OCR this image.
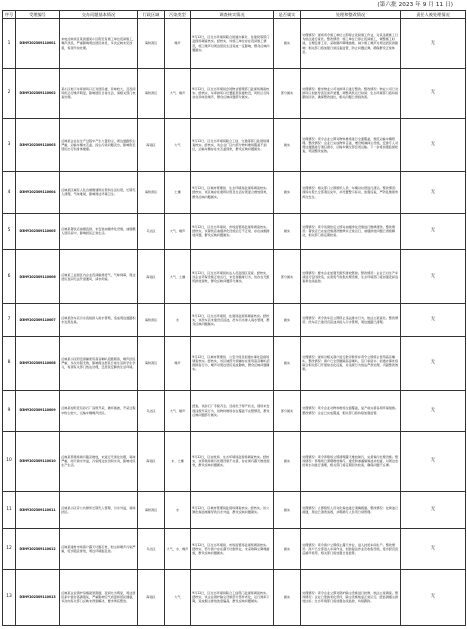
(第六批 2023 年 9 月 11 日)
序号	受理编号	交办问题基本情况	行政区域	污染类型	调查核实情况	是否属实	处理和整改情况	责任人被处理情况
1	D3HY202309110001	来电反映该区某街道某小区附近有施工单位夜间施工，噪声扰民，严重影响周边居民休息，多次反映未见改善，希望尽快处理。	海勃湾区	噪声	9月12日，区生态环境局联合街道办事处、住建局等部门赴现场调查核实。经核实，该施工单位存在夜间施工情况，施工噪声对周边居民生活造成一定影响，群众反映问题属实。	属实	处理情况：现场责令施工单位立即停止夜间施工作业，对其违规施工行为依法进行查处。整改情况：施工单位已停止夜间施工，调整施工时间，合理安排工序，采取隔声降噪措施，减少施工噪声对周边居民的影响；相关部门将加强日常巡查监管，防止问题反弹，确保群众正常休息。	无
2	D3HY202309110002	某小区地下车库排风口正对居民楼，异味较大，且夜间风机运行噪声明显，影响居民日常生活，请相关部门核查处理。	海勃湾区	大气、噪声	9月12日，区生态环境局会同物业管理部门赴现场调查核实。经核实，车库排风口位置距居民楼较近，风机运行时存在异味及噪声，群众反映问题部分属实。	部分属实	处理情况：要求物业公司对排风口进行整改。整改情况：物业公司已对排风口加装导流及消声装置，调整风机运行时间；生态环境部门将持续跟踪回访，确保整改到位，相关问题已得到改善。	无
3	D3HY202309110003	反映某企业在生产过程中产生大量粉尘，周边道路积尘严重，运输车辆未苫盖，扬尘污染问题突出，影响附近居民出行和身体健康。	海南区	大气	9月12日，区生态环境局联合工信、交通等部门赴现场调查核实。经核实，该企业厂区内部分物料堆场覆盖不到位，运输车辆存在未苫盖现象，群众反映问题属实。	属实	处理情况：责令企业立即对物料堆场进行全面覆盖，规范运输车辆管理。整改情况：企业已完成物料苫盖，增设喷淋抑尘设施，安排专人对周边道路进行清扫洒水，运输车辆全部密闭运输。下一步将加强监督检查，巩固整改成效。	无
4	D3HY202309110004	反映某区域有人私自倾倒建筑垃圾和生活垃圾，长期无人清理，气味难闻，影响周边环境卫生。	海勃湾区	土壤	9月12日，区城市管理局、生态环境局赴现场调查核实。经核实，该区域存在建筑垃圾及生活垃圾混合堆放现象，群众反映问题属实。	属实	处理情况：相关部门立即组织人员、车辆对垃圾进行清运。整改情况：现场垃圾已全部清运完毕，并设置警示标识，加强巡查，严防乱倒现象再次发生。	无
5	D3HY202309110005	反映某餐饮店油烟直排，未安装油烟净化设施，油烟飘入居民家中，影响居民正常生活。	乌达区	大气、噪声	9月12日，区生态环境局、市场监管局赴现场调查核实。经核实，该餐饮店油烟净化设施运行不正常，存在油烟排放问题，群众反映问题属实。	属实	处理情况：责令该餐饮店立即对油烟净化设施进行维修清洗。整改情况：餐饮店已完成设施清洗维修并正常运行，油烟排放问题已得到解决，相关部门将定期检查。	无
6	D3HY202309110006	反映某工业园区内企业夜间偷排废气，气味刺鼻，周边居民夜间无法开窗通风，请求彻查。	海南区	大气、土壤	9月12日，区生态环境局执法人员赴园区夜查。经核实，该企业环保设施正常运行，未发现偷排行为，但存在无组织排放现象，群众反映问题部分属实。	部分属实	处理情况：要求企业加强无组织排放管控。整改情况：企业已对生产车间进行密闭改造，完善废气收集处理设施，生态环境部门将加强夜间巡查和在线监控。	无
7	D3HY202309110007	反映某洗车店污水直接排入雨水管网，造成周边道路积水发黑发臭。	海勃湾区	水	9月12日，区生态环境局、住建局赴现场调查核实。经核实，该洗车店未建设沉淀池，洗车污水排入雨水管网，群众反映问题属实。	属实	处理情况：责令洗车店立即停止违法排水行为，依法立案查处。整改情况：洗车店已建设沉淀池并接入污水管网，周边道路已清理。	无
8	D3HY202309110008	反映某小区附近商铺使用高音喇叭招揽顾客，噪声扰民严重，多次劝阻无效，影响周边居民日常生活和学生学习，希望有关部门依法处理，还居民安静的生活环境。	海勃湾区	噪声	9月12日，区城市管理局、公安分局及街道办事处赴现场调查核实。经核实，该区域部分商铺存在使用高音喇叭招揽顾客行为，噪声对周边居民造成影响，群众反映问题属实。	属实	处理情况：现场对相关商户进行批评教育并责令立即停止使用高音喇叭。整改情况：商户已全部撤除高音喇叭，签订承诺书；街道办事处将联合相关部门开展常态化巡查，对违规行为依法严肃处理，巩固整改效果。	无
9	D3HY202309110009	反映某村附近有砂石厂违规开采，破坏植被，开采过程中粉尘较大，运输车辆噪声扰民。	乌达区	大气、噪声	经查，该砂石厂手续齐全，目前处于停产状态，现场未发现违规开采行为，但物料堆场存在覆盖不完整情况，群众反映问题部分属实。	部分属实	处理情况：责令企业对物料堆场全面覆盖，复产前完善各项环保措施。整改情况：企业已完成覆盖，相关部门将持续加强监管。	无
10	D3HY202309110010	反映某养殖场粪污随意堆放，未进行无害化处理，臭味严重，雨天粪水外溢，污染周边农田和水沟，影响村民生产生活。	海南区	水、土壤	9月12日，区农牧局、生态环境局赴现场调查核实。经核实，该养殖场粪污处理设施不完善，存在粪污露天堆放现象，群众反映问题属实。	属实	处理情况：责令养殖场立即清理露天堆放粪污，完善粪污处理设施。整改情况：养殖场已清理堆放粪污，建设防渗漏储粪池并加盖，对周边农田和水沟进行清理，相关部门将定期回访检查，确保问题不反弹。	无
11	D3HY202309110011	反映某小区旁公共厕所长期无人管理，污水外溢，臭味扰民。	海勃湾区	水	9月12日，区城市管理局赴现场调查核实。经核实，该公厕化粪池堵塞导致污水外溢，群众反映问题属实。	属实	处理情况：立即组织人员对化粪池进行清掏疏通。整改情况：化粪池已疏通，周边已清洗消毒，并明确专人负责日常管理。	无
12	D3HY202309110012	反映某建材市场商户露天切割石材，粉尘和噪声污染严重，废水随意排放，周边环境脏乱差。	乌达区	大气、水、噪声	9月12日，区生态环境局、市场监管局赴现场调查核实。经核实，部分商户存在露天切割作业，未采取降尘降噪措施，群众反映问题属实。	属实	处理情况：责令商户立即停止露天作业，进入封闭车间生产。整改情况：商户已全部进入车间作业，加装湿法作业及收集设施，废水经沉淀后循环使用，相关部门将加强日常监管。	无
13	D3HY202309110013	反映某企业锅炉房烟囱冒黑烟，夜间尤为明显，周边居民家中窗台落满黑灰，严重影响空气质量和居民健康，多次向有关部门反映未得到解决，要求彻底整治。	海南区	大气	9月12日，区生态环境局联合工信部门赴现场调查核实。经核实，该企业锅炉除尘设施部分部件老化，运行效率下降，造成烟尘排放浓度偏高，群众反映问题属实。	属实	处理情况：责令企业立即对锅炉除尘设施进行检修，依法立案调查。整改情况：企业已更换老化部件，除尘设施恢复正常运行，经监测烟尘排放达标；生态环境部门将加强在线监控，持续跟踪。	无
